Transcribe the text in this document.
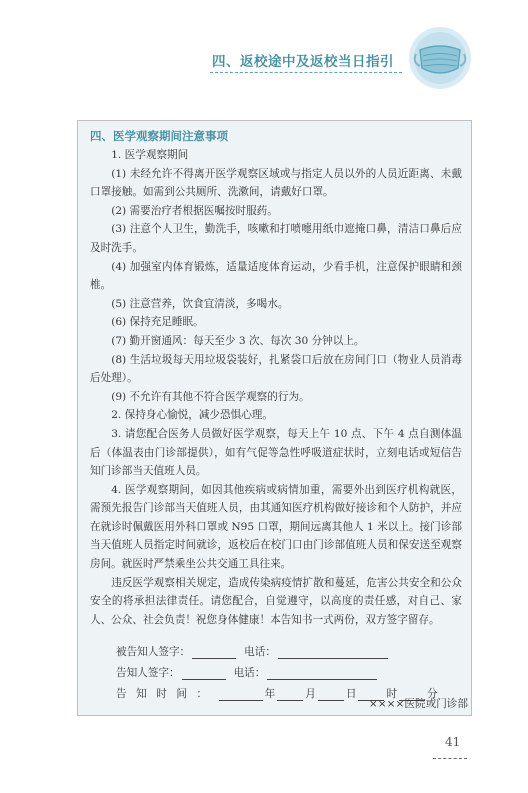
四、返校途中及返校当日指引
四、医学观察期间注意事项

1. 医学观察期间

(1) 未经允许不得离开医学观察区域或与指定人员以外的人员近距离、未戴口罩接触。如需到公共厕所、洗漱间，请戴好口罩。

(2) 需要治疗者根据医嘱按时服药。

(3) 注意个人卫生，勤洗手，咳嗽和打喷嚏用纸巾遮掩口鼻，清洁口鼻后应及时洗手。

(4) 加强室内体育锻炼，适量适度体育运动，少看手机，注意保护眼睛和颈椎。

(5) 注意营养，饮食宜清淡，多喝水。

(6) 保持充足睡眠。

(7) 勤开窗通风：每天至少 3 次、每次 30 分钟以上。

(8) 生活垃圾每天用垃圾袋装好，扎紧袋口后放在房间门口（物业人员消毒后处理）。

(9) 不允许有其他不符合医学观察的行为。

2. 保持身心愉悦，减少恐惧心理。

3. 请您配合医务人员做好医学观察，每天上午 10 点、下午 4 点自测体温后（体温表由门诊部提供），如有气促等急性呼吸道症状时，立刻电话或短信告知门诊部当天值班人员。

4. 医学观察期间，如因其他疾病或病情加重，需要外出到医疗机构就医，需预先报告门诊部当天值班人员，由其通知医疗机构做好接诊和个人防护，并应在就诊时佩戴医用外科口罩或 N95 口罩，期间远离其他人 1 米以上。接门诊部当天值班人员指定时间就诊，返校后在校门口由门诊部值班人员和保安送至观察房间。就医时严禁乘坐公共交通工具往来。

违反医学观察相关规定，造成传染病疫情扩散和蔓延，危害公共安全和公众安全的将承担法律责任。请您配合，自觉遵守，以高度的责任感，对自己、家人、公众、社会负责！祝您身体健康！本告知书一式两份，双方签字留存。

被告知人签字：	电话：
告知人签字：	电话：
告知时间：	年	月	日	时	分
××××医院或门诊部
41
